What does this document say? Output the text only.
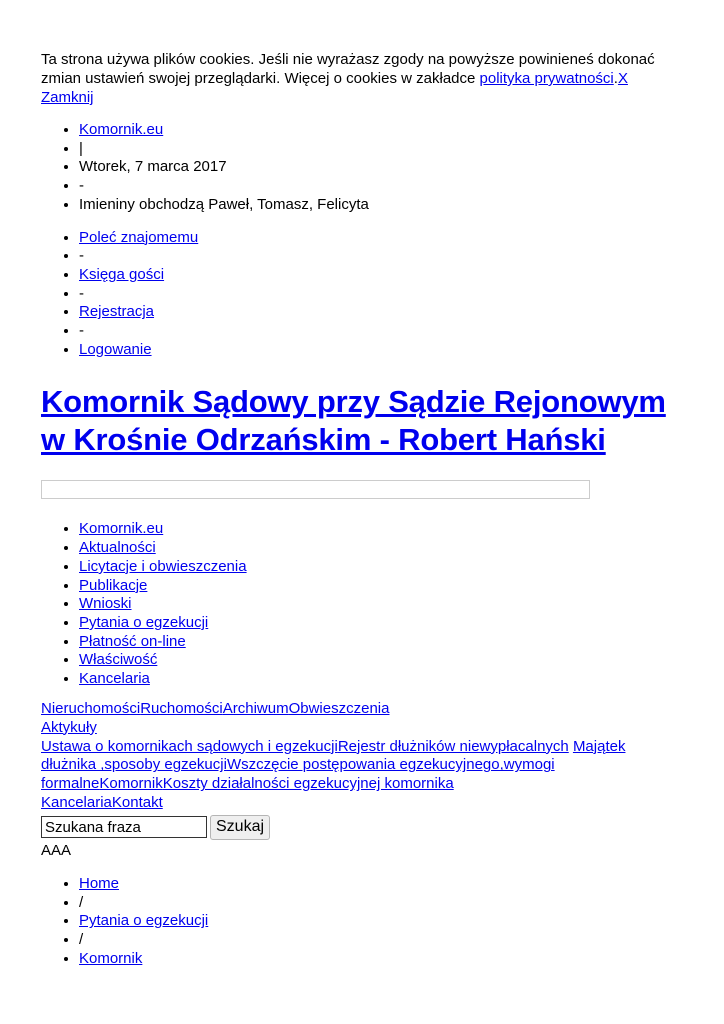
Ta strona używa plików cookies. Jeśli nie wyrażasz zgody na powyższe powinieneś dokonać zmian ustawień swojej przeglądarki. Więcej o cookies w zakładce polityka prywatności.X Zamknij

• Komornik.eu
• |
• Wtorek, 7 marca 2017
• -
• Imieniny obchodzą Paweł, Tomasz, Felicyta
• Poleć znajomemu
• -
• Księga gości
• -
• Rejestracja
• -
• Logowanie
Komornik Sądowy przy Sądzie Rejonowym w Krośnie Odrzańskim - Robert Hański
• Komornik.eu
• Aktualności
• Licytacje i obwieszczenia
• Publikacje
• Wnioski
• Pytania o egzekucji
• Płatność on-line
• Właściwość
• Kancelaria
NieruchomościRuchomościArchiwumObwieszczenia
Aktykuły
Ustawa o komornikach sądowych i egzekucjiRejestr dłużników niewypłacalnych Majątek dłużnika ,sposoby egzekucjiWszczęcie postępowania egzekucyjnego,wymogi formalneKomornikKoszty działalności egzekucyjnej komornika
KancelariaKontakt
Szukana fraza
Szukaj
AAA
• Home
• /
• Pytania o egzekucji
• /
• Komornik
